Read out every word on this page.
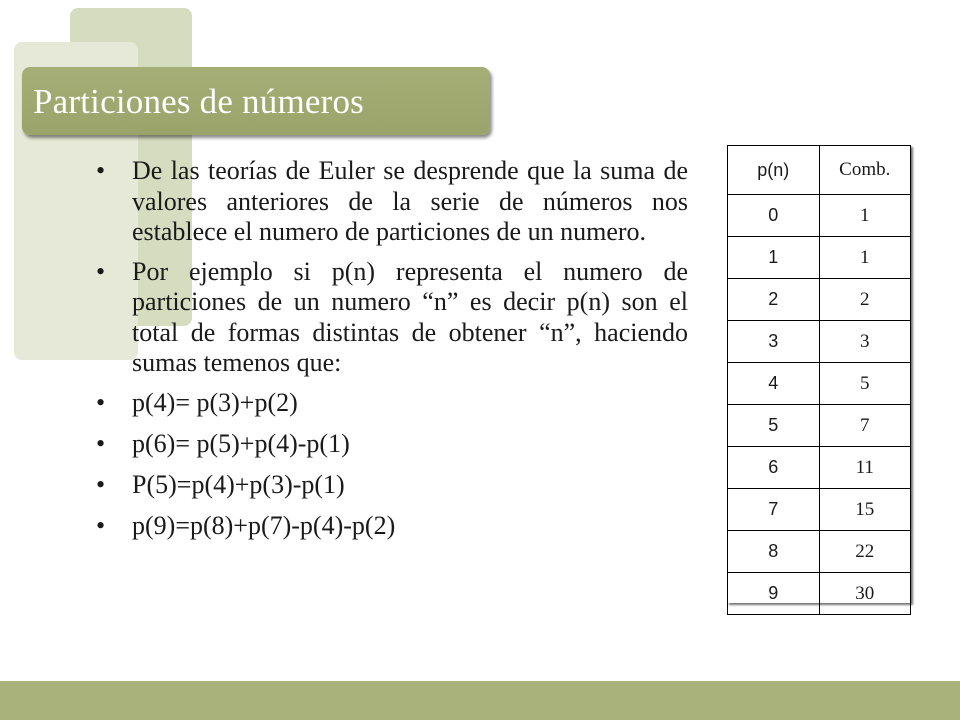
Particiones de números
•
De las teorías de Euler se desprende que la suma de valores anteriores de la serie de números nos establece el numero de particiones de un numero.
•
Por ejemplo si p(n) representa el numero de particiones de un numero “n” es decir p(n) son el total de formas distintas de obtener “n”, haciendo sumas temenos que:
•
p(4)= p(3)+p(2)
•
p(6)= p(5)+p(4)-p(1)
•
P(5)=p(4)+p(3)-p(1)
•
p(9)=p(8)+p(7)-p(4)-p(2)
p(n)	Comb.
0	1
1	1
2	2
3	3
4	5
5	7
6	11
7	15
8	22
9	30
